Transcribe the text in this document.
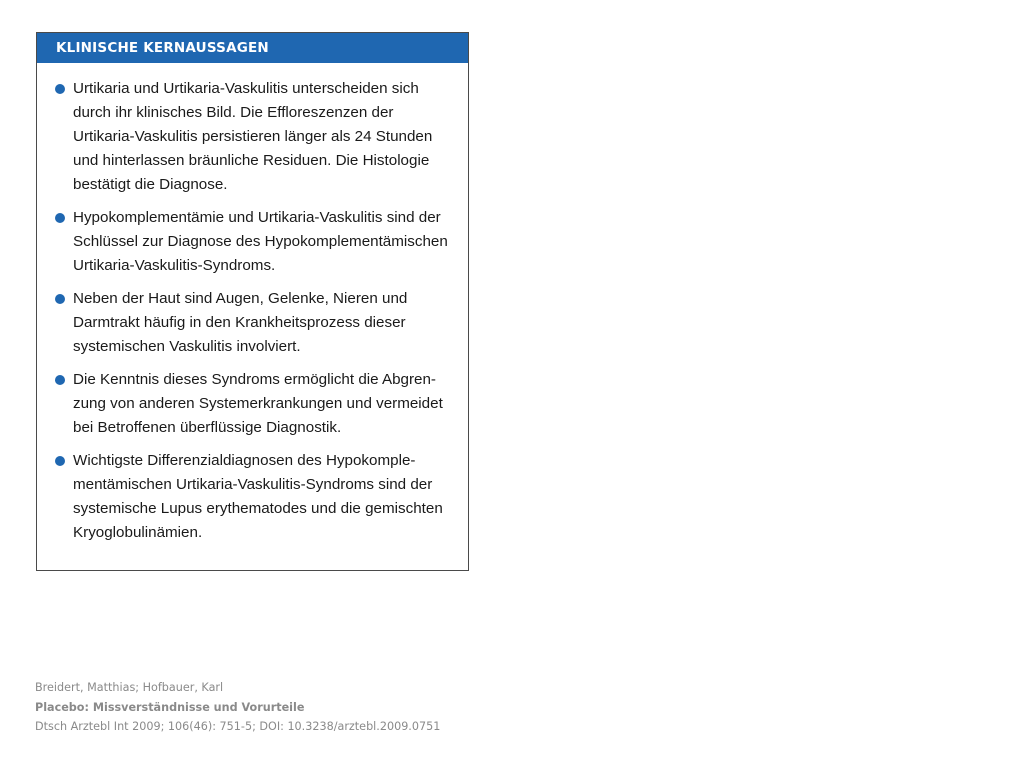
KLINISCHE KERNAUSSAGEN
Urtikaria und Urtikaria-Vaskulitis unterscheiden sich
durch ihr klinisches Bild. Die Effloreszenzen der
Urtikaria-Vaskulitis persistieren länger als 24 Stunden
und hinterlassen bräunliche Residuen. Die Histologie
bestätigt die Diagnose.
Hypokomplementämie und Urtikaria-Vaskulitis sind der
Schlüssel zur Diagnose des Hypokomplementämischen
Urtikaria-Vaskulitis-Syndroms.
Neben der Haut sind Augen, Gelenke, Nieren und
Darmtrakt häufig in den Krankheitsprozess dieser
systemischen Vaskulitis involviert.
Die Kenntnis dieses Syndroms ermöglicht die Abgren-
zung von anderen Systemerkrankungen und vermeidet
bei Betroffenen überflüssige Diagnostik.
Wichtigste Differenzialdiagnosen des Hypokomple-
mentämischen Urtikaria-Vaskulitis-Syndroms sind der
systemische Lupus erythematodes und die gemischten
Kryoglobulinämien.
Breidert, Matthias; Hofbauer, Karl
Placebo: Missverständnisse und Vorurteile
Dtsch Arztebl Int 2009; 106(46): 751-5; DOI: 10.3238/arztebl.2009.0751
